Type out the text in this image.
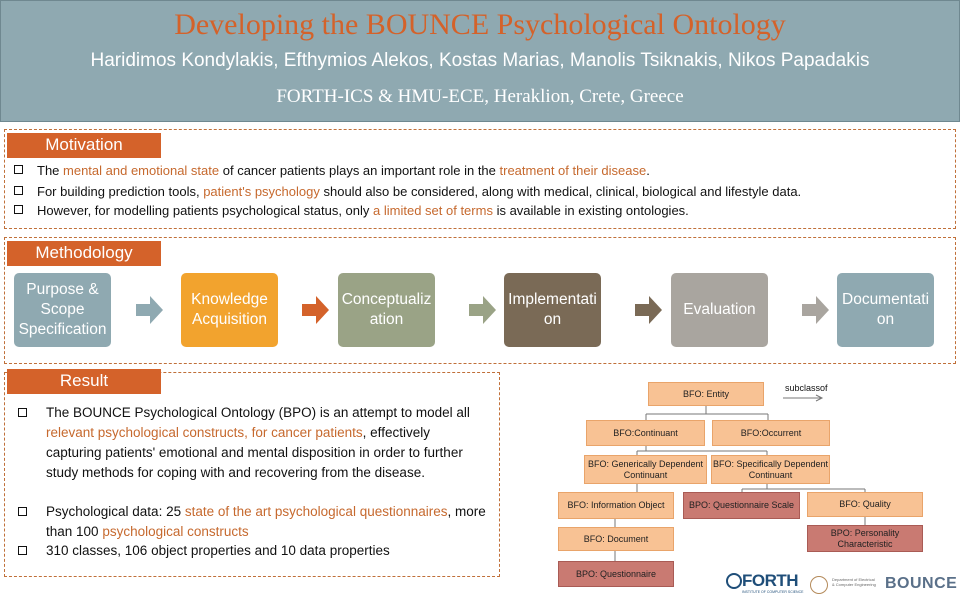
Developing the BOUNCE Psychological Ontology
Haridimos Kondylakis, Efthymios Alekos, Kostas Marias, Manolis Tsiknakis, Nikos Papadakis
FORTH-ICS & HMU-ECE, Heraklion, Crete, Greece
Motivation
The mental and emotional state of cancer patients plays an important role in the treatment of their disease.
For building prediction tools, patient's psychology should also be considered, along with medical, clinical, biological and lifestyle data.
However, for modelling patients psychological status, only a limited set of terms is available in existing ontologies.
Methodology
Purpose & Scope Specification
Knowledge Acquisition
Conceptualiz ation
Implementati on
Evaluation
Documentati on
Result
The BOUNCE Psychological Ontology (BPO) is an attempt to model all relevant psychological constructs, for cancer patients, effectively capturing patients' emotional and mental disposition in order to further study methods for coping with and recovering from the disease.
Psychological data: 25 state of the art psychological questionnaires, more than 100 psychological constructs
310 classes, 106 object properties and 10 data properties
subclassof
BFO: Entity
BFO:Continuant	BFO:Occurrent
BFO: Generically Dependent Continuant
BFO: Specifically Dependent Continuant
BFO: Information Object	BPO: Questionnaire Scale	BFO: Quality
BFO: Document
BPO: Personality Characteristic
BPO: Questionnaire	FORTH
INSTITUTE OF COMPUTER SCIENCE
Department of Electrical & Computer Engineering BOUNCE
